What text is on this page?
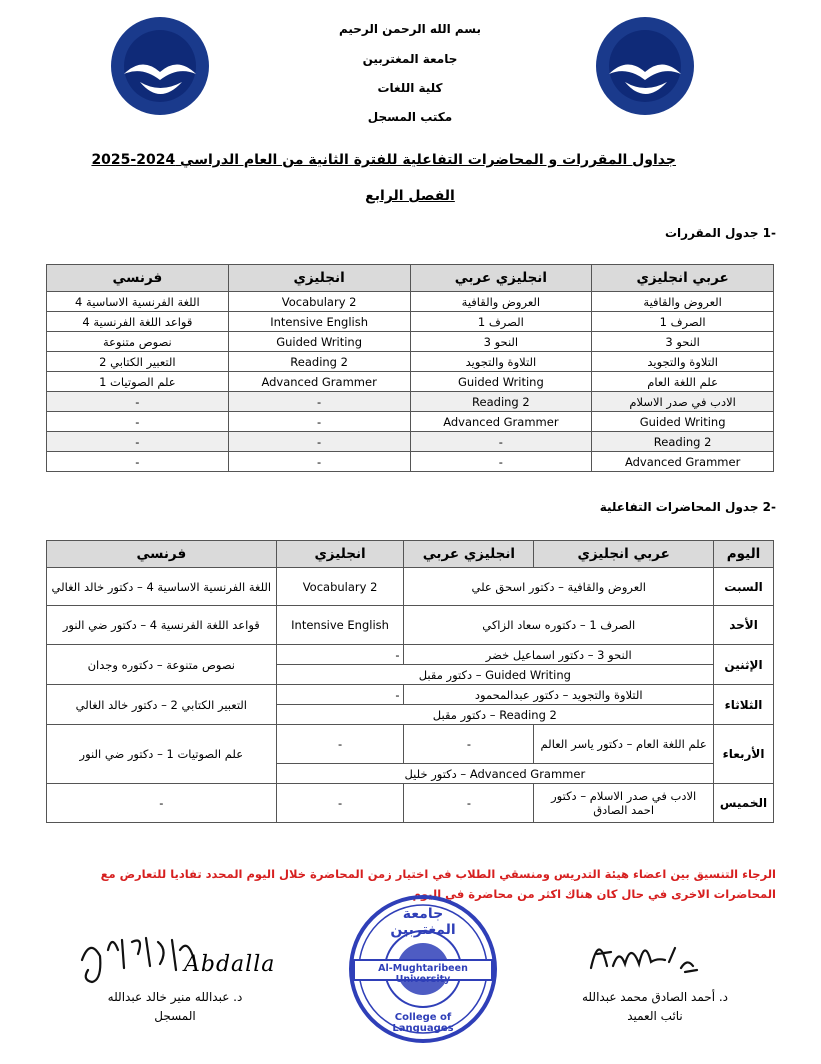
بسم الله الرحمن الرحيم
جامعة المغتربين
كلية اللغات
مكتب المسجل
جداول المقررات و المحاضرات التفاعلية للفترة الثانية من العام الدراسي 2024-2025
الفصل الرابع
-1 جدول المقررات
عربي انجليزي	انجليزي عربي	انجليزي	فرنسي
العروض والقافية	العروض والقافية	Vocabulary 2	اللغة الفرنسية الاساسية 4
الصرف 1	الصرف 1	Intensive English	قواعد اللغة الفرنسية 4
النحو 3	النحو 3	Guided Writing	نصوص متنوعة
التلاوة والتجويد	التلاوة والتجويد	Reading 2	التعبير الكتابي 2
علم اللغة العام	Guided Writing	Advanced Grammer	علم الصوتيات 1
الادب في صدر الاسلام	Reading 2	-	-
Guided Writing	Advanced Grammer	-	-
Reading 2	-	-	-
Advanced Grammer	-	-	-
-2 جدول المحاضرات التفاعلية
اليوم	عربي انجليزي	انجليزي عربي	انجليزي	فرنسي
السبت	العروض والقافية – دكتور اسحق علي		Vocabulary 2	اللغة الفرنسية الاساسية 4 – دكتور خالد الغالي
الأحد	الصرف 1 – دكتوره سعاد الزاكي		Intensive English	قواعد اللغة الفرنسية 4 – دكتور ضي النور
الإثنين	النحو 3 – دكتور اسماعيل خضر		-	نصوص متنوعة – دكتوره وجدان
	Guided Writing – دكتور مقبل			
الثلاثاء	التلاوة والتجويد – دكتور عبدالمحمود		-	التعبير الكتابي 2 – دكتور خالد الغالي
	Reading 2 – دكتور مقبل			
الأربعاء	علم اللغة العام – دكتور ياسر العالم	-	-	علم الصوتيات 1 – دكتور ضي النور
	Advanced Grammer – دكتور خليل			
الخميس	الادب في صدر الاسلام – دكتور احمد الصادق	-	-	-
الرجاء التنسيق بين اعضاء هيئة التدريس ومنسقي الطلاب في اختيار زمن المحاضرة خلال اليوم المحدد تفاديا للتعارض مع المحاضرات الاخرى في حال كان هناك اكثر من محاضرة في اليوم
د. أحمد الصادق محمد عبدالله
نائب العميد
Abdalla
د. عبدالله منير خالد عبدالله
المسجل
جامعة المغتربين
Al-Mughtaribeen University
College of Languages
